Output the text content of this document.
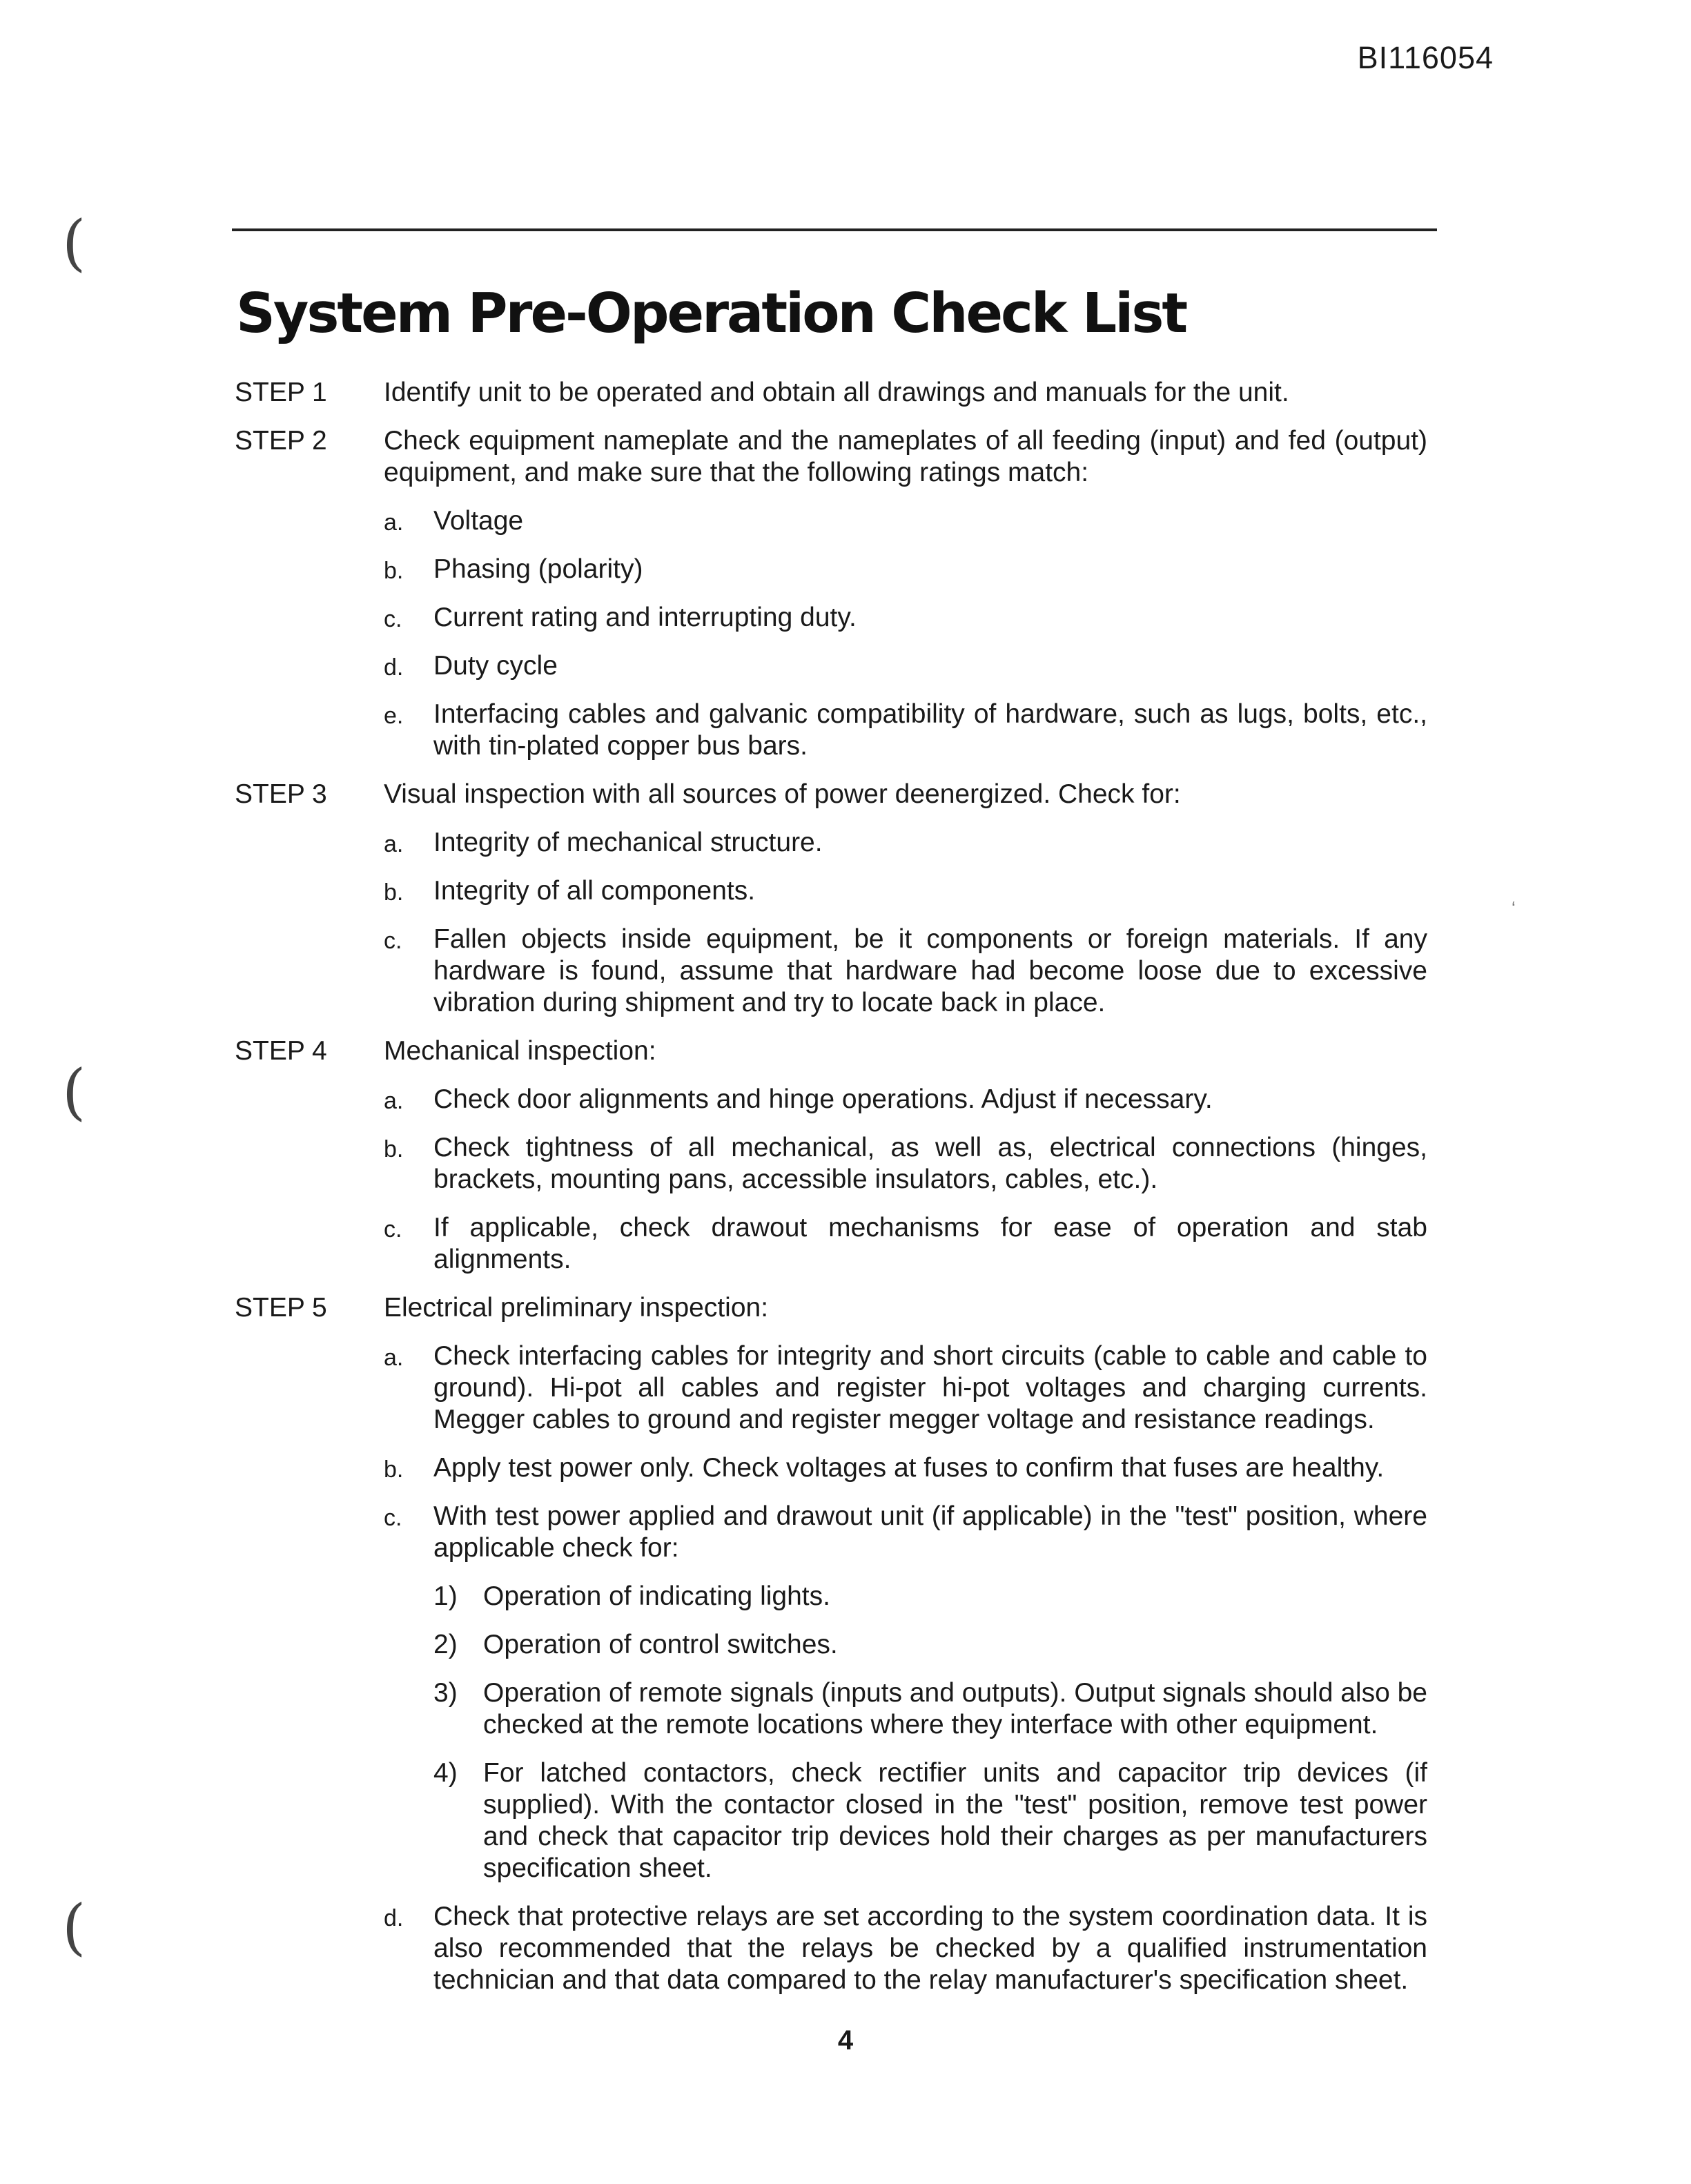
BI116054
System Pre-Operation Check List
(
(
(
‘
STEP 1 Identify unit to be operated and obtain all drawings and manuals for the unit.
STEP 2 Check equipment nameplate and the nameplates of all feeding (input) and fed (output) equipment, and make sure that the following ratings match:
a. Voltage
b. Phasing (polarity)
c. Current rating and interrupting duty.
d. Duty cycle
e. Interfacing cables and galvanic compatibility of hardware, such as lugs, bolts, etc., with tin-plated copper bus bars.
STEP 3 Visual inspection with all sources of power deenergized. Check for:
a. Integrity of mechanical structure.
b. Integrity of all components.
c. Fallen objects inside equipment, be it components or foreign materials. If any hardware is found, assume that hardware had become loose due to excessive vibration during shipment and try to locate back in place.
STEP 4 Mechanical inspection:
a. Check door alignments and hinge operations. Adjust if necessary.
b. Check tightness of all mechanical, as well as, electrical connections (hinges, brackets, mounting pans, accessible insulators, cables, etc.).
c. If applicable, check drawout mechanisms for ease of operation and stab alignments.
STEP 5 Electrical preliminary inspection:
a. Check interfacing cables for integrity and short circuits (cable to cable and cable to ground). Hi-pot all cables and register hi-pot voltages and charging currents. Megger cables to ground and register megger voltage and resistance readings.
b. Apply test power only. Check voltages at fuses to confirm that fuses are healthy.
c. With test power applied and drawout unit (if applicable) in the "test" position, where applicable check for:
1) Operation of indicating lights.
2) Operation of control switches.
3) Operation of remote signals (inputs and outputs). Output signals should also be checked at the remote locations where they interface with other equipment.
4) For latched contactors, check rectifier units and capacitor trip devices (if supplied). With the contactor closed in the "test" position, remove test power and check that capacitor trip devices hold their charges as per manufacturers specification sheet.
d. Check that protective relays are set according to the system coordination data. It is also recommended that the relays be checked by a qualified instrumentation technician and that data compared to the relay manufacturer's specification sheet.
4
